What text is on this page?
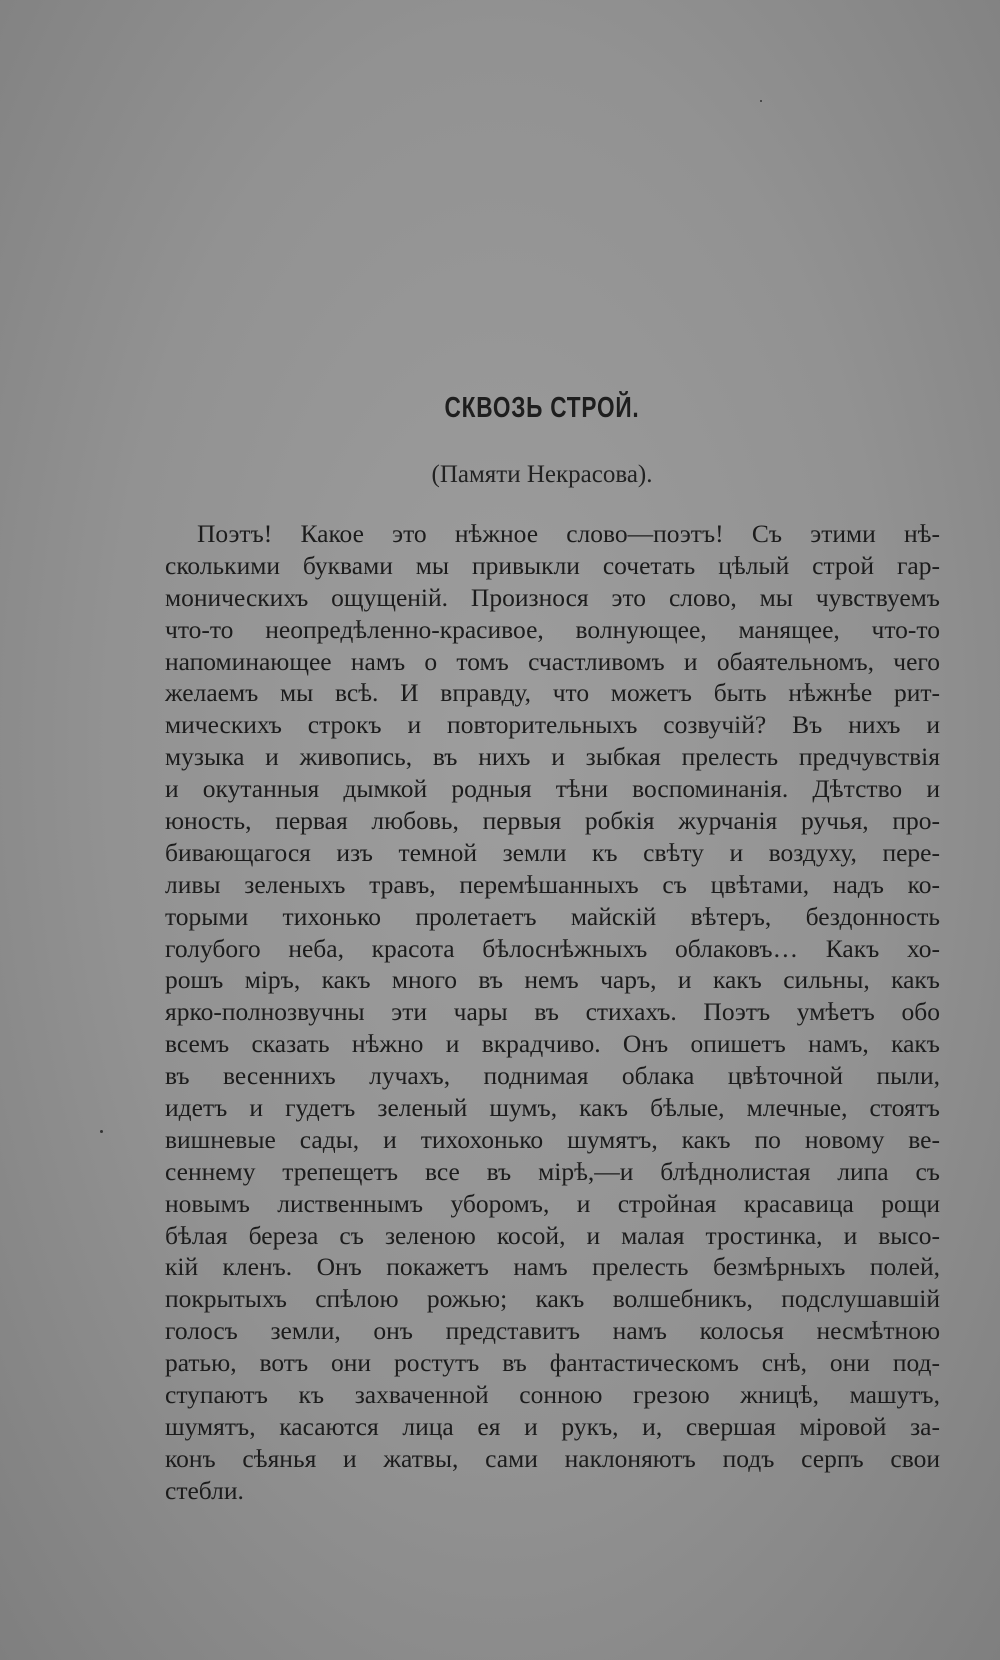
СКВОЗЬ СТРОЙ.
(Памяти Некрасова).
Поэтъ! Какое это нѣжное слово—поэтъ! Съ этими нѣ-
сколькими буквами мы привыкли сочетать цѣлый строй гар-
моническихъ ощущеній. Произнося это слово, мы чувствуемъ
что-то неопредѣленно-красивое, волнующее, манящее, что-то
напоминающее намъ о томъ счастливомъ и обаятельномъ, чего
желаемъ мы всѣ. И вправду, что можетъ быть нѣжнѣе рит-
мическихъ строкъ и повторительныхъ созвучій? Въ нихъ и
музыка и живопись, въ нихъ и зыбкая прелесть предчувствія
и окутанныя дымкой родныя тѣни воспоминанія. Дѣтство и
юность, первая любовь, первыя робкія журчанія ручья, про-
бивающагося изъ темной земли къ свѣту и воздуху, пере-
ливы зеленыхъ травъ, перемѣшанныхъ съ цвѣтами, надъ ко-
торыми тихонько пролетаетъ майскій вѣтеръ, бездонность
голубого неба, красота бѣлоснѣжныхъ облаковъ… Какъ хо-
рошъ міръ, какъ много въ немъ чаръ, и какъ сильны, какъ
ярко-полнозвучны эти чары въ стихахъ. Поэтъ умѣетъ обо
всемъ сказать нѣжно и вкрадчиво. Онъ опишетъ намъ, какъ
въ весеннихъ лучахъ, поднимая облака цвѣточной пыли,
идетъ и гудетъ зеленый шумъ, какъ бѣлые, млечные, стоятъ
вишневые сады, и тихохонько шумятъ, какъ по новому ве-
сеннему трепещетъ все въ мірѣ,—и блѣднолистая липа съ
новымъ лиственнымъ уборомъ, и стройная красавица рощи
бѣлая береза съ зеленою косой, и малая тростинка, и высо-
кій кленъ. Онъ покажетъ намъ прелесть безмѣрныхъ полей,
покрытыхъ спѣлою рожью; какъ волшебникъ, подслушавшій
голосъ земли, онъ представитъ намъ колосья несмѣтною
ратью, вотъ они ростутъ въ фантастическомъ снѣ, они под-
ступаютъ къ захваченной сонною грезою жницѣ, машутъ,
шумятъ, касаются лица ея и рукъ, и, свершая міровой за-
конъ сѣянья и жатвы, сами наклоняютъ подъ серпъ свои
стебли.
